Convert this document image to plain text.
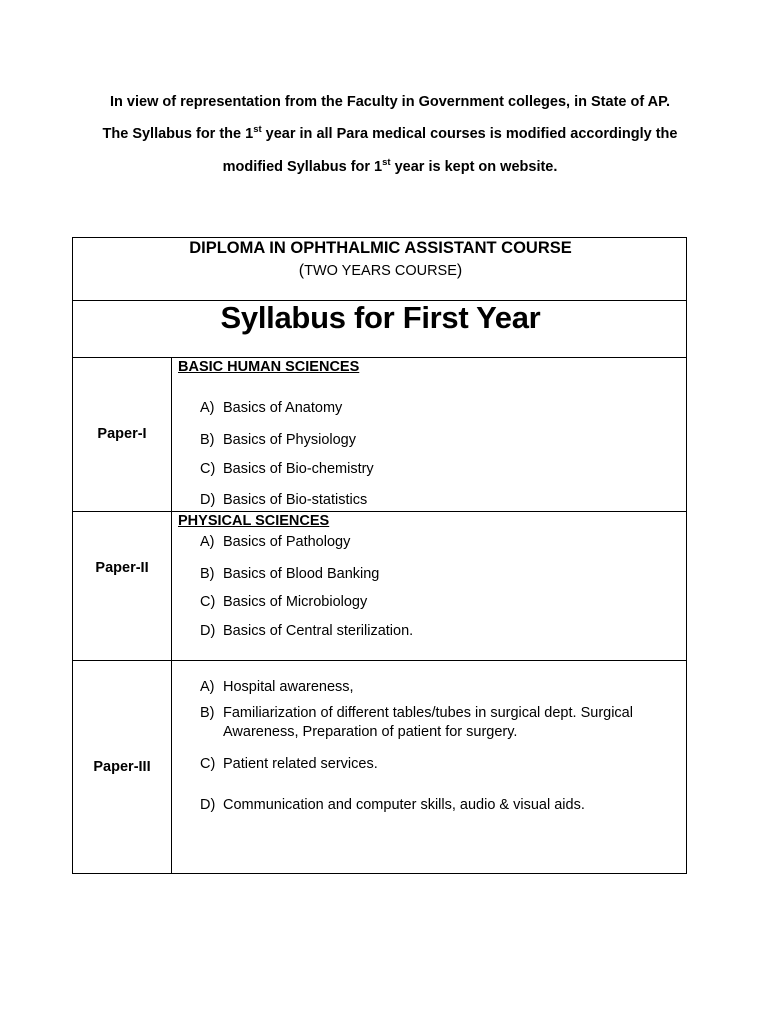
In view of representation from the Faculty in Government colleges, in State of AP.
The Syllabus for the 1st year in all Para medical courses is modified accordingly the
modified Syllabus for 1st year is kept on website.
DIPLOMA IN OPHTHALMIC ASSISTANT COURSE
(TWO YEARS COURSE)
Syllabus for First Year
Paper-I
BASIC HUMAN SCIENCES
A) Basics of Anatomy
B) Basics of Physiology
C) Basics of Bio-chemistry
D) Basics of Bio-statistics
Paper-II
PHYSICAL SCIENCES
A) Basics of Pathology
B) Basics of Blood Banking
C) Basics of Microbiology
D) Basics of Central sterilization.
Paper-III
A) Hospital awareness,
B) Familiarization of different tables/tubes in surgical dept. Surgical
Awareness, Preparation of patient for surgery.
C) Patient related services.
D) Communication and computer skills, audio & visual aids.
